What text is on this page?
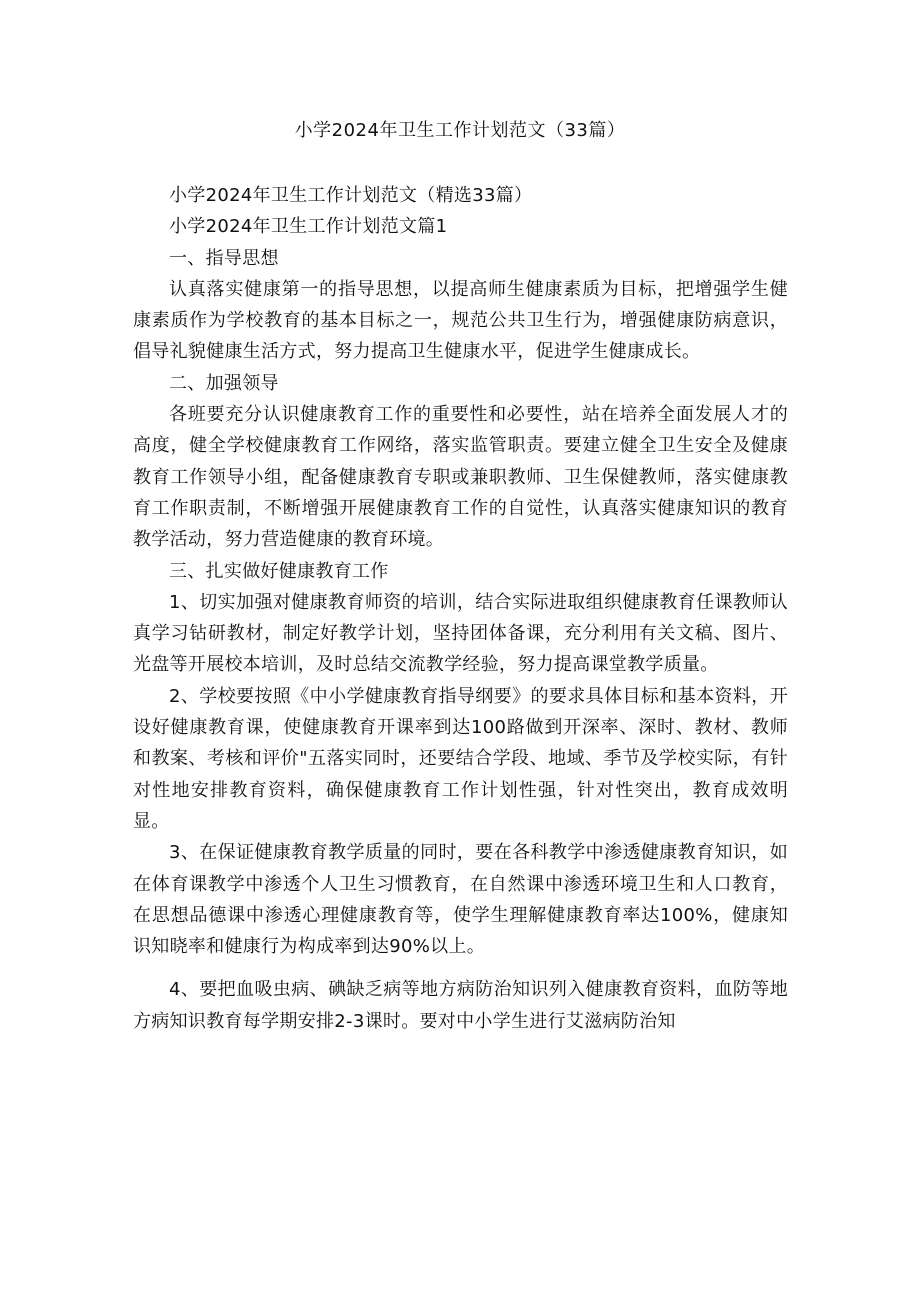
小学2024年卫生工作计划范文（33篇）

小学2024年卫生工作计划范文（精选33篇）

小学2024年卫生工作计划范文篇1

一、指导思想

认真落实健康第一的指导思想，以提高师生健康素质为目标，把增强学生健康素质作为学校教育的基本目标之一，规范公共卫生行为，增强健康防病意识，倡导礼貌健康生活方式，努力提高卫生健康水平，促进学生健康成长。

二、加强领导

各班要充分认识健康教育工作的重要性和必要性，站在培养全面发展人才的高度，健全学校健康教育工作网络，落实监管职责。要建立健全卫生安全及健康教育工作领导小组，配备健康教育专职或兼职教师、卫生保健教师，落实健康教育工作职责制，不断增强开展健康教育工作的自觉性，认真落实健康知识的教育教学活动，努力营造健康的教育环境。

三、扎实做好健康教育工作

1、切实加强对健康教育师资的培训，结合实际进取组织健康教育任课教师认真学习钻研教材，制定好教学计划，坚持团体备课，充分利用有关文稿、图片、光盘等开展校本培训，及时总结交流教学经验，努力提高课堂教学质量。

2、学校要按照《中小学健康教育指导纲要》的要求具体目标和基本资料，开设好健康教育课，使健康教育开课率到达100路做到开深率、深时、教材、教师和教案、考核和评价"五落实同时，还要结合学段、地域、季节及学校实际，有针对性地安排教育资料，确保健康教育工作计划性强，针对性突出，教育成效明显。

3、在保证健康教育教学质量的同时，要在各科教学中渗透健康教育知识，如在体育课教学中渗透个人卫生习惯教育，在自然课中渗透环境卫生和人口教育，在思想品德课中渗透心理健康教育等，使学生理解健康教育率达100%，健康知识知晓率和健康行为构成率到达90%以上。

4、要把血吸虫病、碘缺乏病等地方病防治知识列入健康教育资料，血防等地方病知识教育每学期安排2-3课时。要对中小学生进行艾滋病防治知
